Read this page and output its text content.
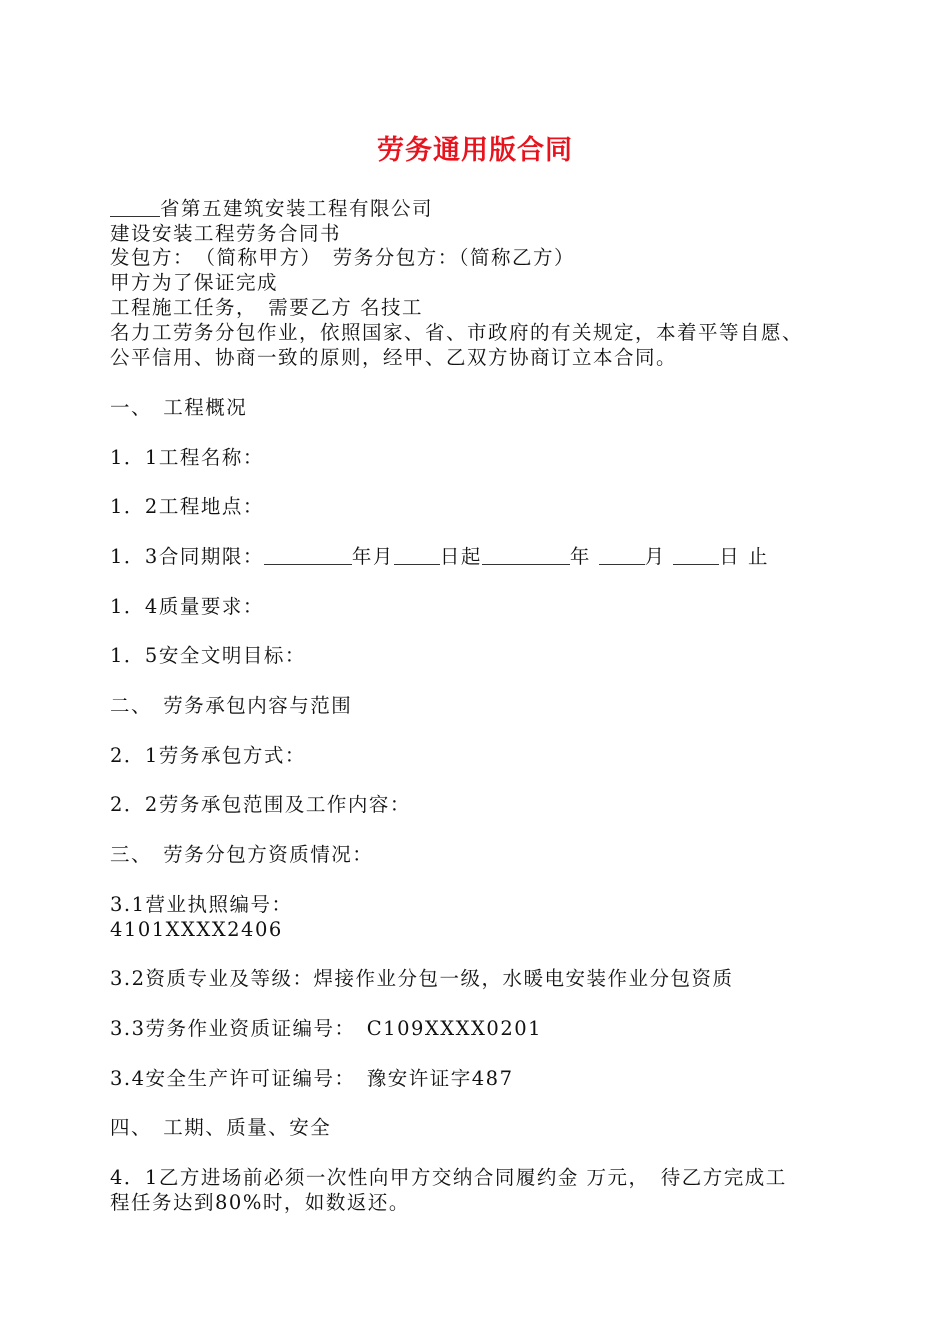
劳务通用版合同
省第五建筑安装工程有限公司
建设安装工程劳务合同书
发包方：　（简称甲方）　劳务分包方：（简称乙方）
甲方为了保证完成
工程施工任务，　需要乙方 名技工
名力工劳务分包作业，依照国家、省、市政府的有关规定，本着平等自愿、
公平信用、协商一致的原则，经甲、乙双方协商订立本合同。
一、　工程概况
1．1工程名称：
1．2工程地点：
1．3合同期限：	年月 日起	年	月	日 止
1．4质量要求：
1．5安全文明目标：
二、　劳务承包内容与范围
2．1劳务承包方式：
2．2劳务承包范围及工作内容：
三、　劳务分包方资质情况：
3.1营业执照编号：
4101XXXX2406
3.2资质专业及等级：焊接作业分包一级，水暖电安装作业分包资质
3.3劳务作业资质证编号：　C109XXXX0201
3.4安全生产许可证编号：　豫安许证字487
四、　工期、质量、安全
4．1乙方进场前必须一次性向甲方交纳合同履约金 万元，　待乙方完成工
程任务达到80%时，如数返还。
